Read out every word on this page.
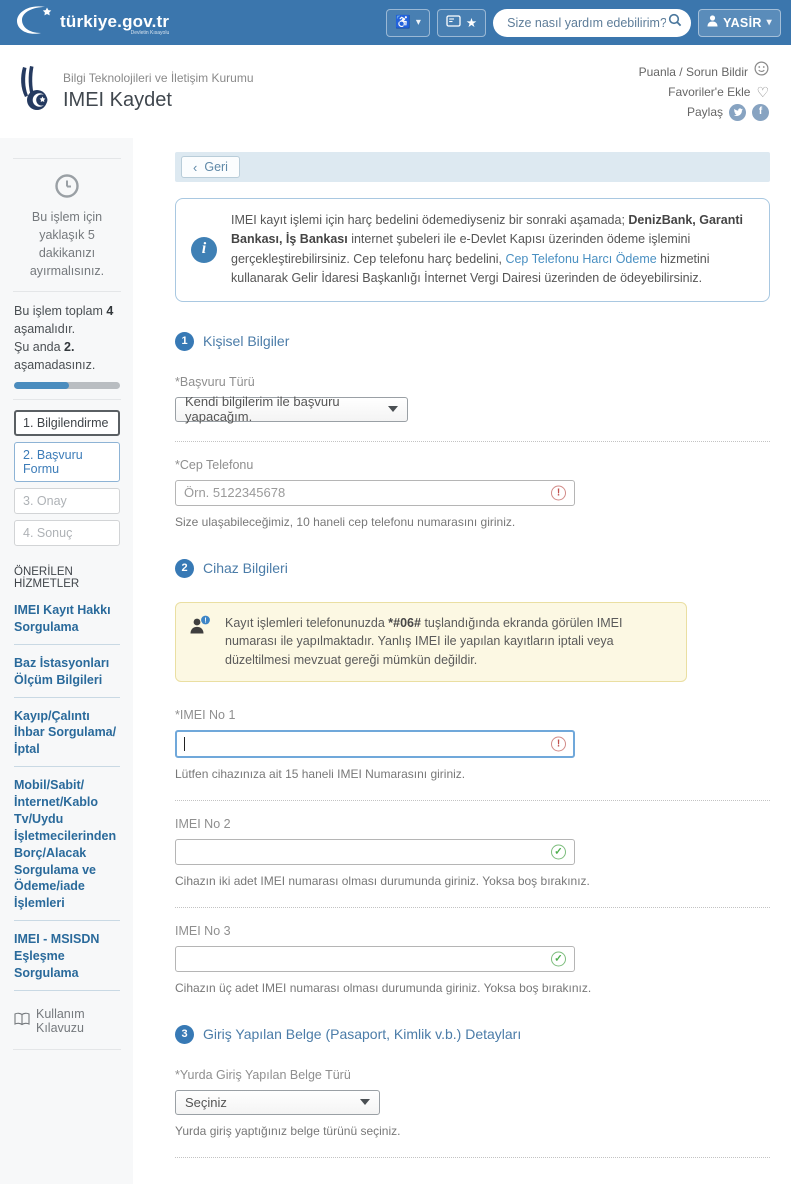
türkiye.gov.tr
Devletin Kısayolu
♿ ▾	★
Size nasıl yardım edebilirim?	YASİR ▾
Bilgi Teknolojileri ve İletişim Kurumu
IMEI Kaydet
Puanla / Sorun Bildir
Favoriler'e Ekle ♡
Paylaş	f
Bu işlem için yaklaşık 5 dakikanızı ayırmalısınız.
Bu işlem toplam 4 aşamalıdır.
Şu anda 2. aşamadasınız.
1. Bilgilendirme
2. Başvuru Formu
3. Onay
4. Sonuç
ÖNERİLEN HİZMETLER
IMEI Kayıt Hakkı Sorgulama
Baz İstasyonları Ölçüm Bilgileri
Kayıp/Çalıntı İhbar Sorgulama/İptal
Mobil/Sabit/İnternet/Kablo Tv/Uydu İşletmecilerinden Borç/Alacak Sorgulama ve Ödeme/iade İşlemleri
IMEI - MSISDN Eşleşme Sorgulama
Kullanım Kılavuzu
‹ Geri
i
IMEI kayıt işlemi için harç bedelini ödemediyseniz bir sonraki aşamada; DenizBank, Garanti Bankası, İş Bankası internet şubeleri ile e-Devlet Kapısı üzerinden ödeme işlemini gerçekleştirebilirsiniz. Cep telefonu harç bedelini, Cep Telefonu Harcı Ödeme hizmetini kullanarak Gelir İdaresi Başkanlığı İnternet Vergi Dairesi üzerinden de ödeyebilirsiniz.
1	Kişisel Bilgiler
*Başvuru Türü
Kendi bilgilerim ile başvuru yapacağım.
*Cep Telefonu
Örn. 5122345678
!
Size ulaşabileceğimiz, 10 haneli cep telefonu numarasını giriniz.
2	Cihaz Bilgileri
! Kayıt işlemleri telefonunuzda *#06# tuşlandığında ekranda görülen IMEI numarası ile yapılmaktadır. Yanlış IMEI ile yapılan kayıtların iptali veya düzeltilmesi mevzuat gereği mümkün değildir.
*IMEI No 1
!
Lütfen cihazınıza ait 15 haneli IMEI Numarasını giriniz.
IMEI No 2
✓
Cihazın iki adet IMEI numarası olması durumunda giriniz. Yoksa boş bırakınız.
IMEI No 3
✓
Cihazın üç adet IMEI numarası olması durumunda giriniz. Yoksa boş bırakınız.
3	Giriş Yapılan Belge (Pasaport, Kimlik v.b.) Detayları
*Yurda Giriş Yapılan Belge Türü
Seçiniz
Yurda giriş yaptığınız belge türünü seçiniz.
